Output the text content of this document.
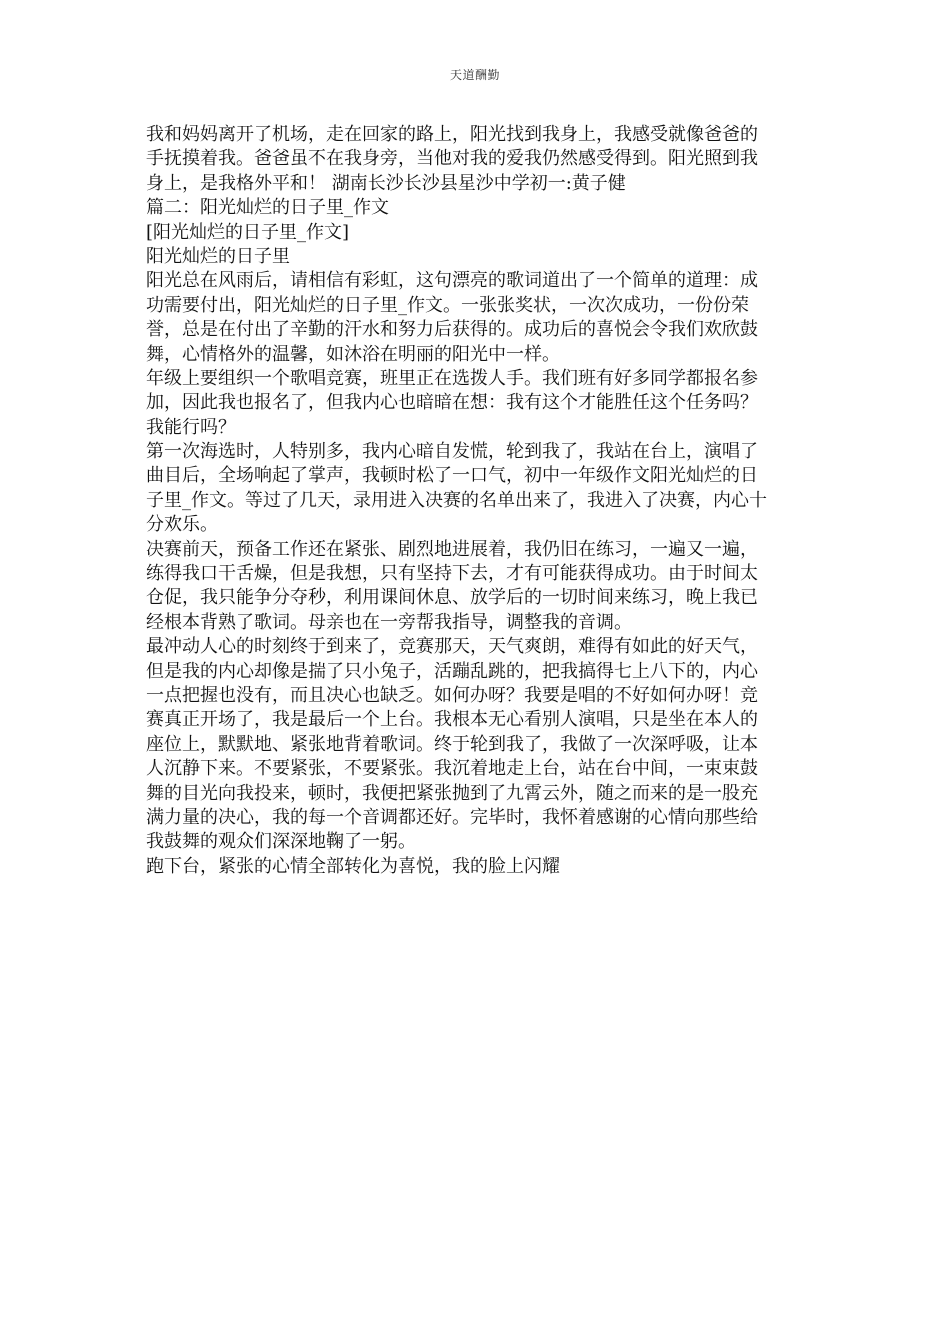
天道酬勤
我和妈妈离开了机场，走在回家的路上，阳光找到我身上，我感受就像爸爸的
手抚摸着我。爸爸虽不在我身旁，当他对我的爱我仍然感受得到。阳光照到我
身上，是我格外平和！ 湖南长沙长沙县星沙中学初一:黄子健
篇二：阳光灿烂的日子里_作文
[阳光灿烂的日子里_作文]
阳光灿烂的日子里
阳光总在风雨后，请相信有彩虹，这句漂亮的歌词道出了一个简单的道理：成
功需要付出，阳光灿烂的日子里_作文。一张张奖状，一次次成功，一份份荣
誉，总是在付出了辛勤的汗水和努力后获得的。成功后的喜悦会令我们欢欣鼓
舞，心情格外的温馨，如沐浴在明丽的阳光中一样。
年级上要组织一个歌唱竞赛，班里正在选拨人手。我们班有好多同学都报名参
加，因此我也报名了，但我内心也暗暗在想：我有这个才能胜任这个任务吗？
我能行吗？
第一次海选时，人特别多，我内心暗自发慌，轮到我了，我站在台上，演唱了
曲目后，全场响起了掌声，我顿时松了一口气，初中一年级作文阳光灿烂的日
子里_作文。等过了几天，录用进入决赛的名单出来了，我进入了决赛，内心十
分欢乐。
决赛前天，预备工作还在紧张、剧烈地进展着，我仍旧在练习，一遍又一遍，
练得我口干舌燥，但是我想，只有坚持下去，才有可能获得成功。由于时间太
仓促，我只能争分夺秒，利用课间休息、放学后的一切时间来练习，晚上我已
经根本背熟了歌词。母亲也在一旁帮我指导，调整我的音调。
最冲动人心的时刻终于到来了，竞赛那天，天气爽朗，难得有如此的好天气，
但是我的内心却像是揣了只小兔子，活蹦乱跳的，把我搞得七上八下的，内心
一点把握也没有，而且决心也缺乏。如何办呀？我要是唱的不好如何办呀！竞
赛真正开场了，我是最后一个上台。我根本无心看别人演唱，只是坐在本人的
座位上，默默地、紧张地背着歌词。终于轮到我了，我做了一次深呼吸，让本
人沉静下来。不要紧张，不要紧张。我沉着地走上台，站在台中间，一束束鼓
舞的目光向我投来，顿时，我便把紧张抛到了九霄云外，随之而来的是一股充
满力量的决心，我的每一个音调都还好。完毕时，我怀着感谢的心情向那些给
我鼓舞的观众们深深地鞠了一躬。
跑下台，紧张的心情全部转化为喜悦，我的脸上闪耀
